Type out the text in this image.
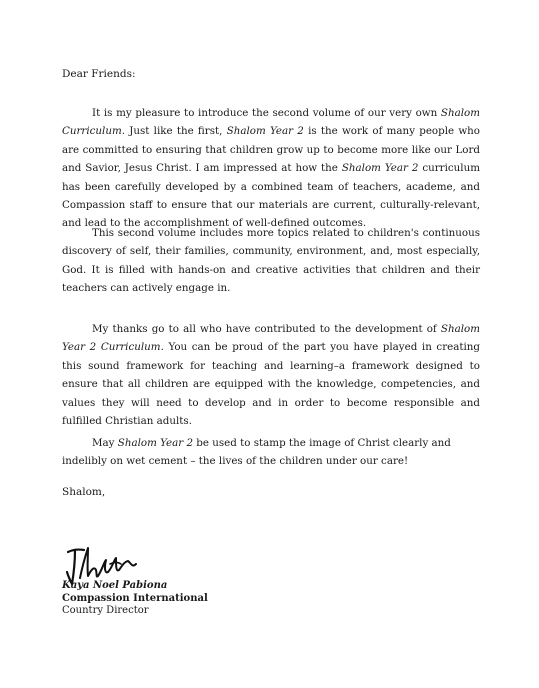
Dear Friends:

It is my pleasure to introduce the second volume of our very own Shalom Curriculum. Just like the first, Shalom Year 2 is the work of many people who are committed to ensuring that children grow up to become more like our Lord and Savior, Jesus Christ. I am impressed at how the Shalom Year 2 curriculum has been carefully developed by a combined team of teachers, academe, and Compassion staff to ensure that our materials are current, culturally-relevant, and lead to the accomplishment of well-defined outcomes.

This second volume includes more topics related to children's continuous discovery of self, their families, community, environment, and, most especially, God. It is filled with hands-on and creative activities that children and their teachers can actively engage in.

My thanks go to all who have contributed to the development of Shalom Year 2 Curriculum. You can be proud of the part you have played in creating this sound framework for teaching and learning–a framework designed to ensure that all children are equipped with the knowledge, competencies, and values they will need to develop and in order to become responsible and fulfilled Christian adults.

May Shalom Year 2 be used to stamp the image of Christ clearly and indelibly on wet cement – the lives of the children under our care!

Shalom,
Kaya Noel Pabiona
Compassion International
Country Director
